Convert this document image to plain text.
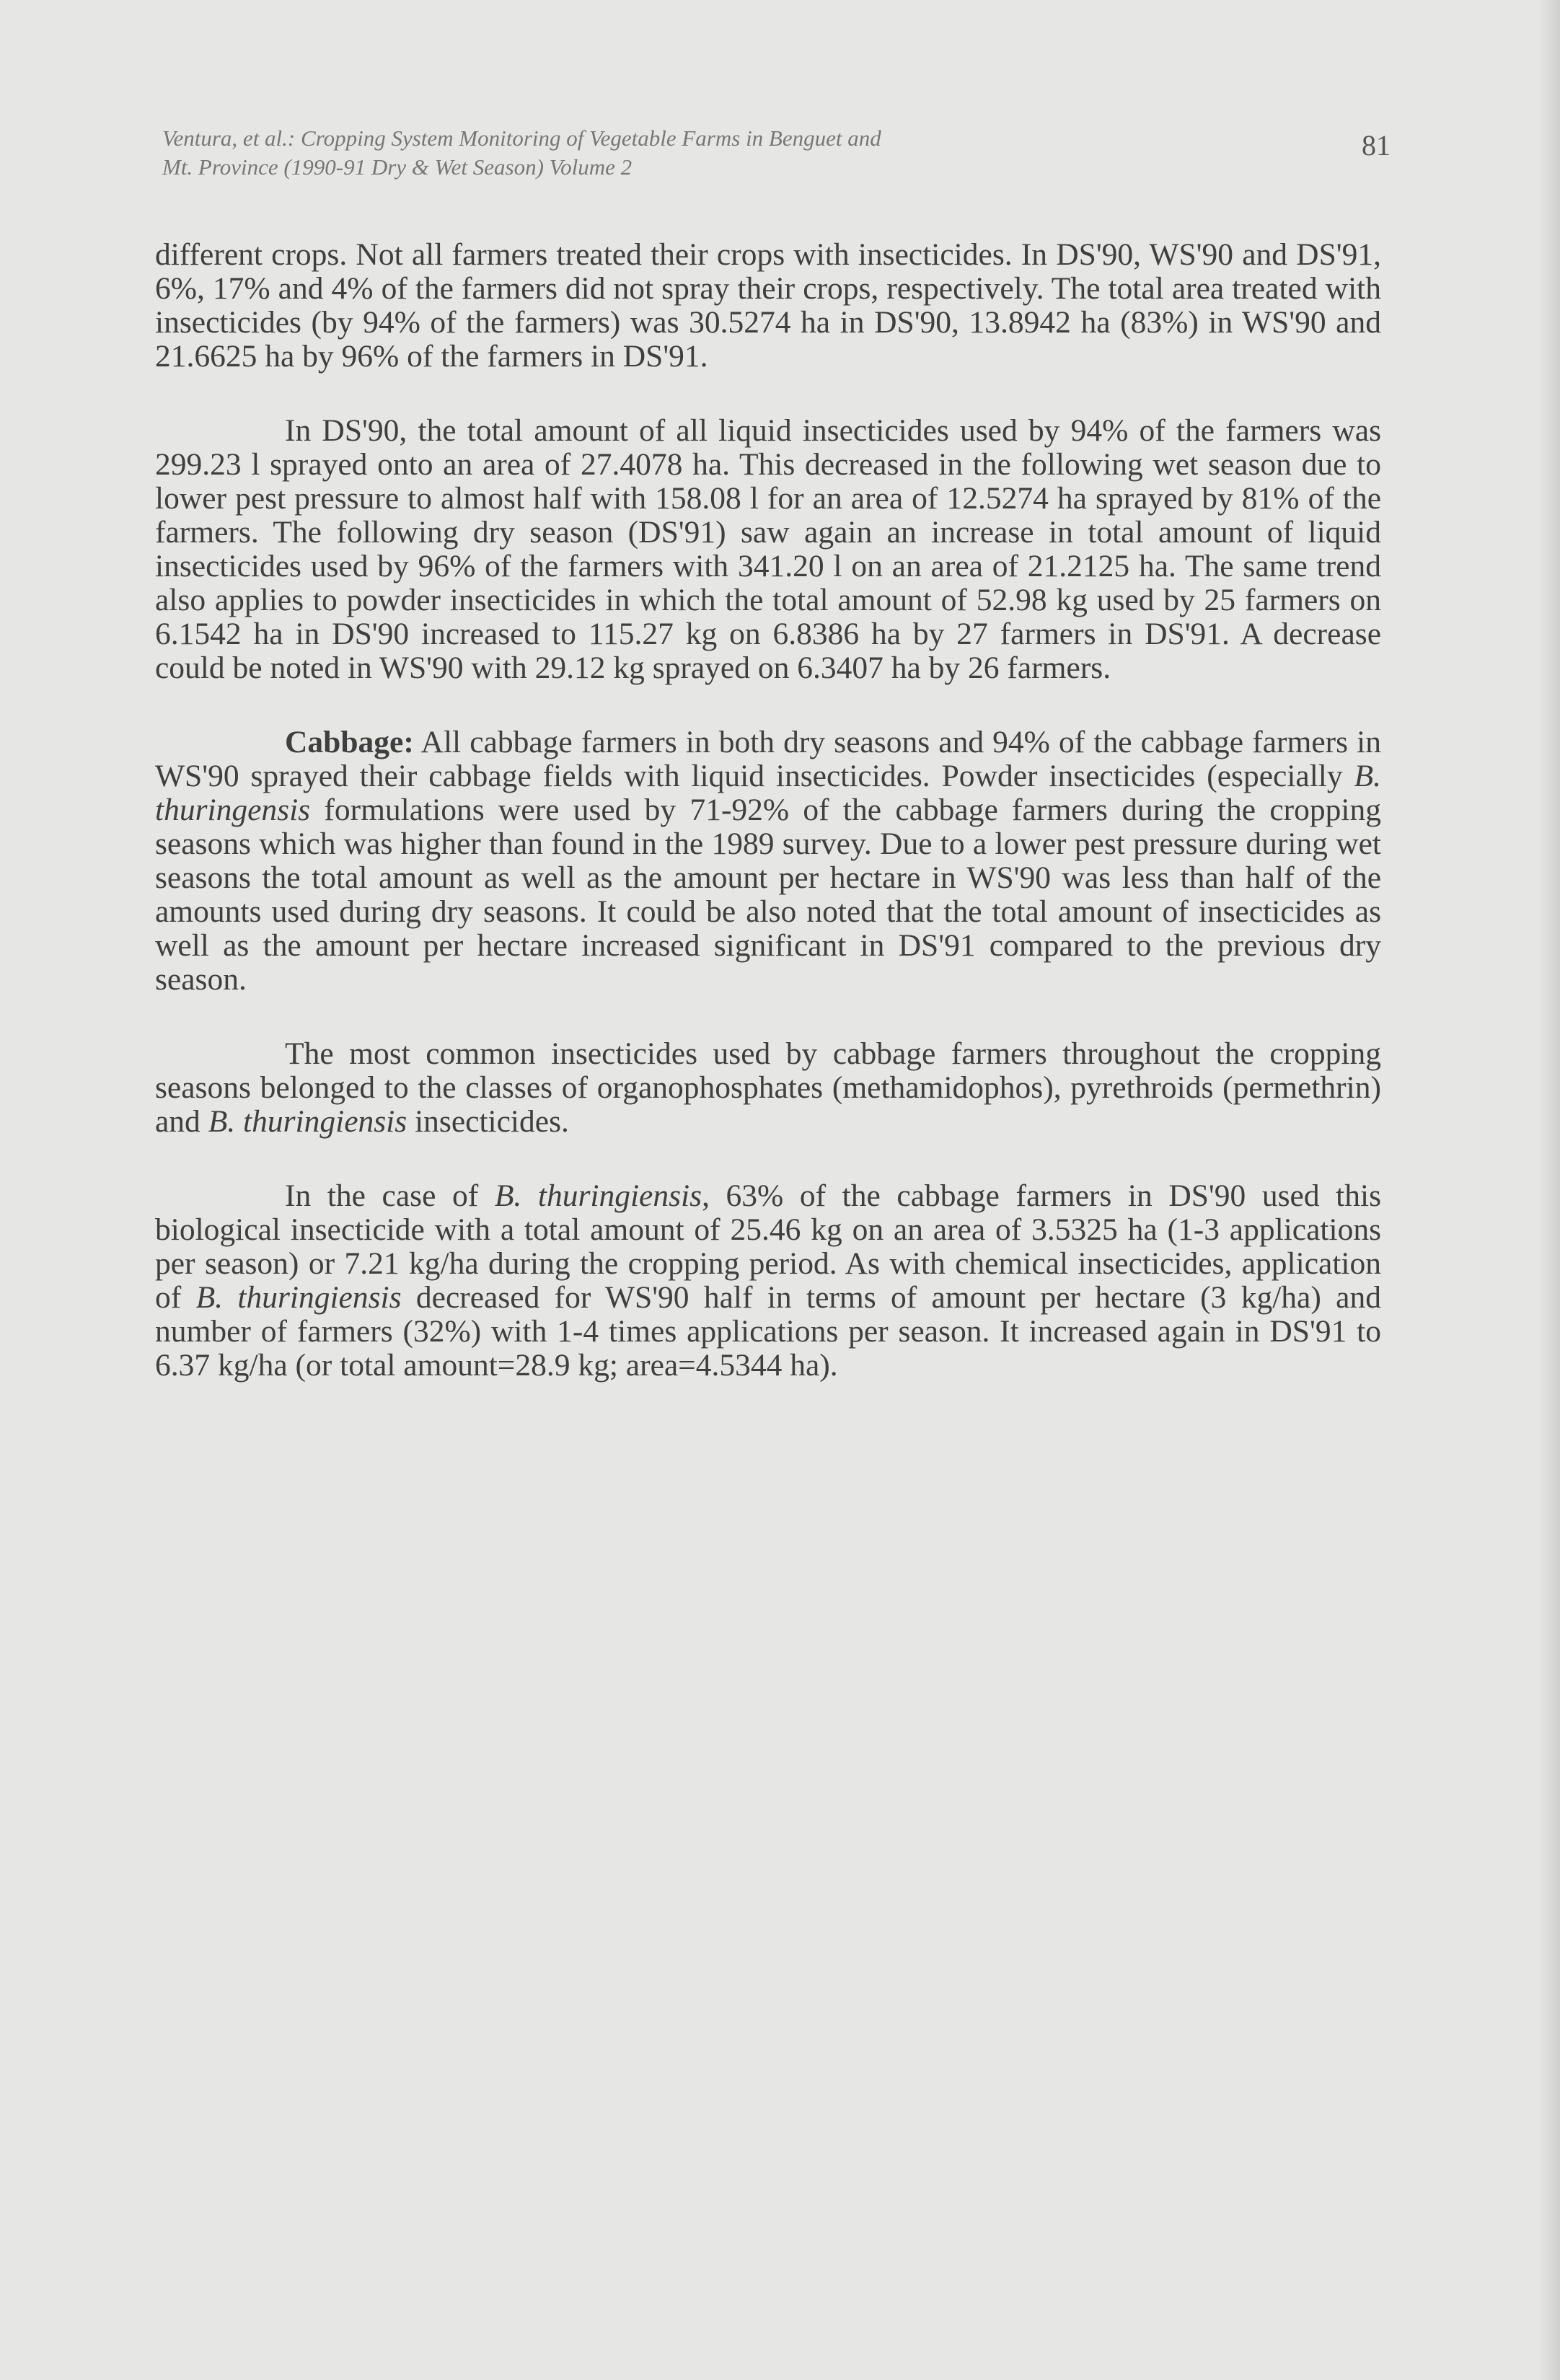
Ventura, et al.: Cropping System Monitoring of Vegetable Farms in Benguet and
Mt. Province (1990-91 Dry & Wet Season) Volume 2
81

different crops. Not all farmers treated their crops with insecticides. In DS'90, WS'90 and DS'91, 6%, 17% and 4% of the farmers did not spray their crops, respectively. The total area treated with insecticides (by 94% of the farmers) was 30.5274 ha in DS'90, 13.8942 ha (83%) in WS'90 and 21.6625 ha by 96% of the farmers in DS'91.

In DS'90, the total amount of all liquid insecticides used by 94% of the farmers was 299.23 l sprayed onto an area of 27.4078 ha. This decreased in the following wet season due to lower pest pressure to almost half with 158.08 l for an area of 12.5274 ha sprayed by 81% of the farmers. The following dry season (DS'91) saw again an increase in total amount of liquid insecticides used by 96% of the farmers with 341.20 l on an area of 21.2125 ha. The same trend also applies to powder insecticides in which the total amount of 52.98 kg used by 25 farmers on 6.1542 ha in DS'90 increased to 115.27 kg on 6.8386 ha by 27 farmers in DS'91. A decrease could be noted in WS'90 with 29.12 kg sprayed on 6.3407 ha by 26 farmers.

Cabbage: All cabbage farmers in both dry seasons and 94% of the cabbage farmers in WS'90 sprayed their cabbage fields with liquid insecticides. Powder insecticides (especially B. thuringensis formulations were used by 71-92% of the cabbage farmers during the cropping seasons which was higher than found in the 1989 survey. Due to a lower pest pressure during wet seasons the total amount as well as the amount per hectare in WS'90 was less than half of the amounts used during dry seasons. It could be also noted that the total amount of insecticides as well as the amount per hectare increased significant in DS'91 compared to the previous dry season.

The most common insecticides used by cabbage farmers throughout the cropping seasons belonged to the classes of organophosphates (methamidophos), pyrethroids (permethrin) and B. thuringiensis insecticides.

In the case of B. thuringiensis, 63% of the cabbage farmers in DS'90 used this biological insecticide with a total amount of 25.46 kg on an area of 3.5325 ha (1-3 applications per season) or 7.21 kg/ha during the cropping period. As with chemical insecticides, application of B. thuringiensis decreased for WS'90 half in terms of amount per hectare (3 kg/ha) and number of farmers (32%) with 1-4 times applications per season. It increased again in DS'91 to 6.37 kg/ha (or total amount=28.9 kg; area=4.5344 ha).
